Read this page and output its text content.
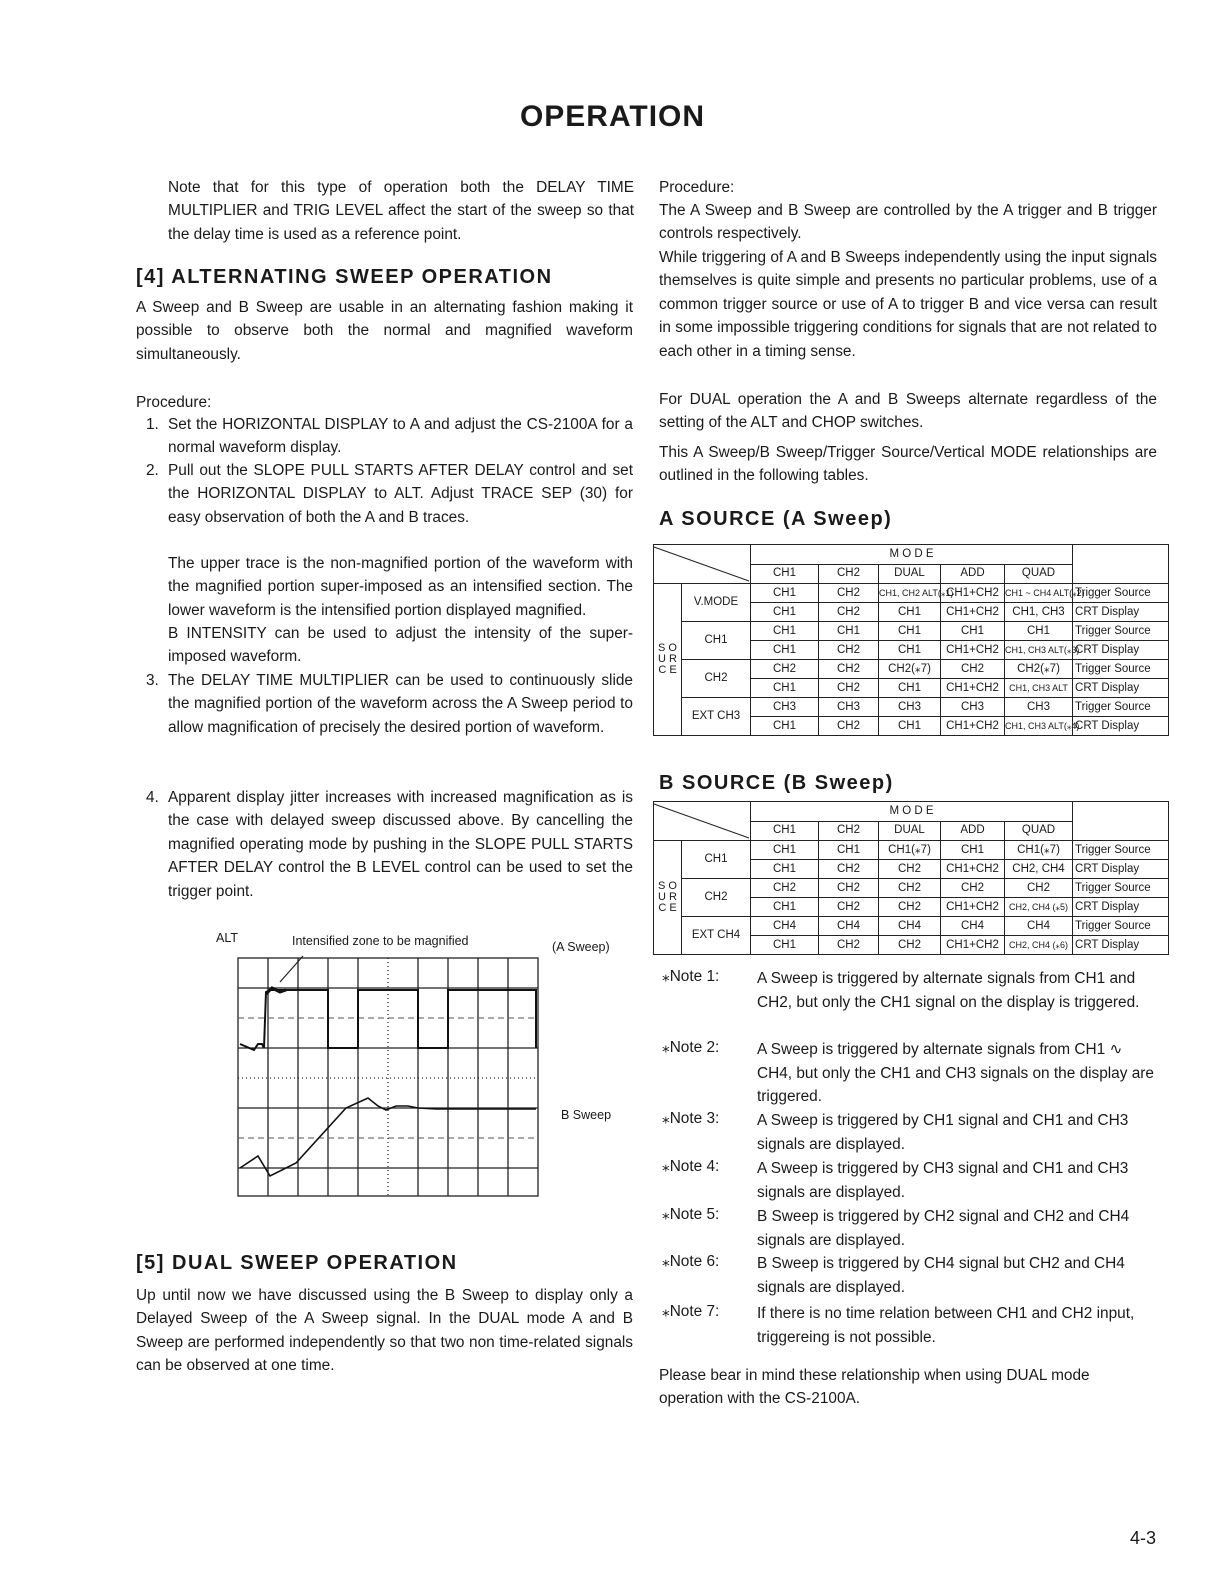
OPERATION
Note that for this type of operation both the DELAY TIME MULTIPLIER and TRIG LEVEL affect the start of the sweep so that the delay time is used as a reference point.
[4] ALTERNATING SWEEP OPERATION
A Sweep and B Sweep are usable in an alternating fashion making it possible to observe both the normal and magnified waveform simultaneously.
Procedure:
1. Set the HORIZONTAL DISPLAY to A and adjust the CS-2100A for a normal waveform display.
2. Pull out the SLOPE PULL STARTS AFTER DELAY control and set the HORIZONTAL DISPLAY to ALT. Adjust TRACE SEP (30) for easy observation of both the A and B traces.
The upper trace is the non-magnified portion of the waveform with the magnified portion super-imposed as an intensified section. The lower waveform is the intensified portion displayed magnified.
B INTENSITY can be used to adjust the intensity of the super-imposed waveform.
3. The DELAY TIME MULTIPLIER can be used to continuously slide the magnified portion of the waveform across the A Sweep period to allow magnification of precisely the desired portion of waveform.
4. Apparent display jitter increases with increased magnification as is the case with delayed sweep discussed above. By cancelling the magnified operating mode by pushing in the SLOPE PULL STARTS AFTER DELAY control the B LEVEL control can be used to set the trigger point.
ALT	Intensified zone to be magnified	(A Sweep)
B Sweep
[5] DUAL SWEEP OPERATION
Up until now we have discussed using the B Sweep to display only a Delayed Sweep of the A Sweep signal. In the DUAL mode A and B Sweep are performed independently so that two non time-related signals can be observed at one time.
Procedure:
The A Sweep and B Sweep are controlled by the A trigger and B trigger controls respectively.
While triggering of A and B Sweeps independently using the input signals themselves is quite simple and presents no particular problems, use of a common trigger source or use of A to trigger B and vice versa can result in some impossible triggering conditions for signals that are not related to each other in a timing sense.
For DUAL operation the A and B Sweeps alternate regardless of the setting of the ALT and CHOP switches.
This A Sweep/B Sweep/Trigger Source/Vertical MODE relationships are outlined in the following tables.
A SOURCE (A Sweep)
	M O D E					
		CH1	CH2	DUAL	ADD	QUAD	
S O U R C E	V.MODE	CH1	CH2	CH1, CH2 ALT(⁎1)	CH1+CH2	CH1 ~ CH4 ALT(⁎2)	Trigger Source
		CH1	CH2	CH1	CH1+CH2	CH1, CH3	CRT Display
	CH1	CH1	CH1	CH1	CH1	CH1	Trigger Source
		CH1	CH2	CH1	CH1+CH2	CH1, CH3 ALT(⁎3)	CRT Display
	CH2	CH2	CH2	CH2(⁎7)	CH2	CH2(⁎7)	Trigger Source
		CH1	CH2	CH1	CH1+CH2	CH1, CH3 ALT	CRT Display
	EXT CH3	CH3	CH3	CH3	CH3	CH3	Trigger Source
		CH1	CH2	CH1	CH1+CH2	CH1, CH3 ALT(⁎4)	CRT Display
B SOURCE (B Sweep)
	M O D E					
		CH1	CH2	DUAL	ADD	QUAD	
S O U R C E	CH1	CH1	CH1	CH1(⁎7)	CH1	CH1(⁎7)	Trigger Source
		CH1	CH2	CH2	CH1+CH2	CH2, CH4	CRT Display
	CH2	CH2	CH2	CH2	CH2	CH2	Trigger Source
		CH1	CH2	CH2	CH1+CH2	CH2, CH4 (⁎5)	CRT Display
	EXT CH4	CH4	CH4	CH4	CH4	CH4	Trigger Source
		CH1	CH2	CH2	CH1+CH2	CH2, CH4 (⁎6)	CRT Display
⁎Note 1: A Sweep is triggered by alternate signals from CH1 and CH2, but only the CH1 signal on the display is triggered.
⁎Note 2: A Sweep is triggered by alternate signals from CH1 ∿ CH4, but only the CH1 and CH3 signals on the display are triggered.
⁎Note 3: A Sweep is triggered by CH1 signal and CH1 and CH3 signals are displayed.
⁎Note 4: A Sweep is triggered by CH3 signal and CH1 and CH3 signals are displayed.
⁎Note 5: B Sweep is triggered by CH2 signal and CH2 and CH4 signals are displayed.
⁎Note 6: B Sweep is triggered by CH4 signal but CH2 and CH4 signals are displayed.
⁎Note 7: If there is no time relation between CH1 and CH2 input, triggereing is not possible.
Please bear in mind these relationship when using DUAL mode operation with the CS-2100A.
4-3
